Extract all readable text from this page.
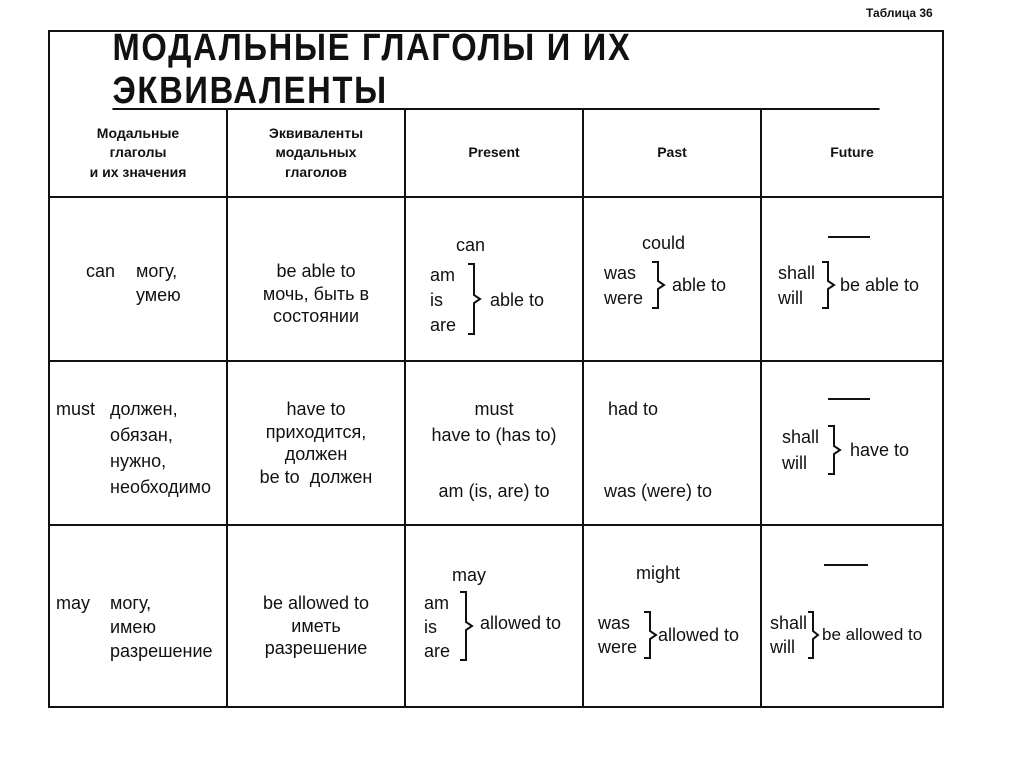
Таблица 36
МОДАЛЬНЫЕ ГЛАГОЛЫ И ИХ ЭКВИВАЛЕНТЫ
Модальные
глаголы
и их значения
Эквиваленты
модальных
глаголов
Present	Past	Future
can могу,
умею
be able to
мочь, быть в
состоянии
can
am
is
are
able to
could
was
were
able to
shall
will
be able to
must должен,
обязан,
нужно,
необходимо
have to
приходится,
должен
be to должен
must
have to (has to)
am (is, are) to
had to
was (were) to
shall
will
have to
may могу,
имею
разрешение
be allowed to
иметь
разрешение
may
am
is
are
allowed to
might
was
were
allowed to
shall
will
be allowed to
